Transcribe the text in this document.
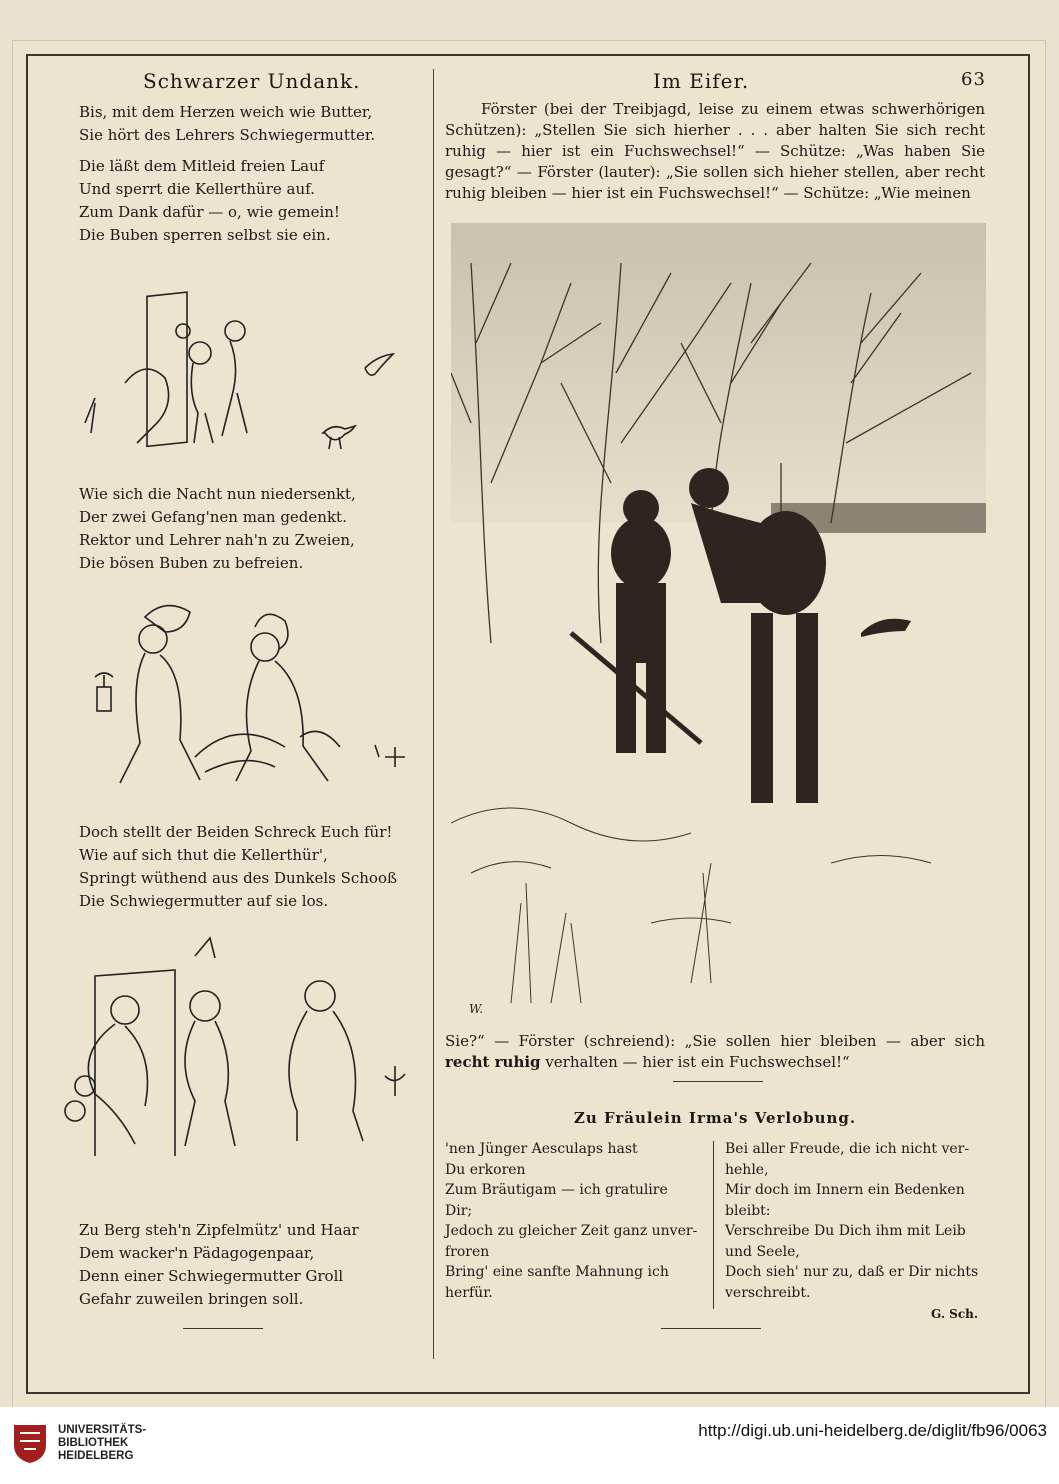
Schwarzer Undank.
Bis, mit dem Herzen weich wie Butter,
Sie hört des Lehrers Schwiegermutter.
Die läßt dem Mitleid freien Lauf
Und sperrt die Kellerthüre auf.
Zum Dank dafür — o, wie gemein!
Die Buben sperren selbst sie ein.
Wie sich die Nacht nun niedersenkt,
Der zwei Gefang'nen man gedenkt.
Rektor und Lehrer nah'n zu Zweien,
Die bösen Buben zu befreien.
Doch stellt der Beiden Schreck Euch für!
Wie auf sich thut die Kellerthür',
Springt wüthend aus des Dunkels Schooß
Die Schwiegermutter auf sie los.
Zu Berg steh'n Zipfelmütz' und Haar
Dem wacker'n Pädagogenpaar,
Denn einer Schwiegermutter Groll
Gefahr zuweilen bringen soll.
Im Eifer.	63
Förster (bei der Treibjagd, leise zu einem etwas schwerhörigen Schützen): „Stellen Sie sich hierher . . . aber halten Sie sich recht ruhig — hier ist ein Fuchswechsel!“ — Schütze: „Was haben Sie gesagt?“ — Förster (lauter): „Sie sollen sich hieher stellen, aber recht ruhig bleiben — hier ist ein Fuchswechsel!“ — Schütze: „Wie meinen
W.
Sie?“ — Förster (schreiend): „Sie sollen hier bleiben — aber sich recht ruhig verhalten — hier ist ein Fuchswechsel!“
Zu Fräulein Irma's Verlobung.
'nen Jünger Aesculaps hast
Du erkoren
Zum Bräutigam — ich gratulire
Dir;
Jedoch zu gleicher Zeit ganz unver-
froren
Bring' eine sanfte Mahnung ich
herfür.
Bei aller Freude, die ich nicht ver-
hehle,
Mir doch im Innern ein Bedenken
bleibt:
Verschreibe Du Dich ihm mit Leib
und Seele,
Doch sieh' nur zu, daß er Dir nichts
verschreibt.
G. Sch.
UNIVERSITÄTS-
BIBLIOTHEK
HEIDELBERG
http://digi.ub.uni-heidelberg.de/diglit/fb96/0063
